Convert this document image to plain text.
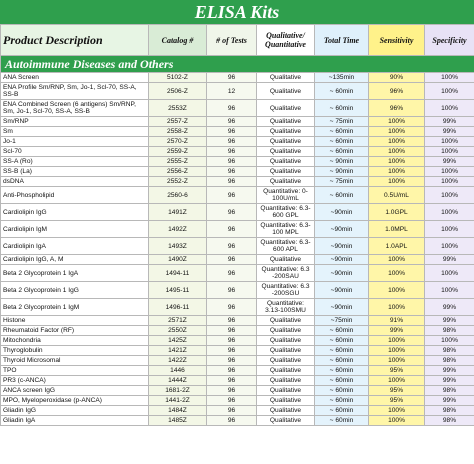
ELISA Kits
Product Description	Catalog #	# of Tests	Qualitative/ Quantitative	Total Time	Sensitivity	Specificity
Autoimmune Diseases and Others						
ANA Screen	5102-Z	96	Qualitative	~135min	90%	100%
ENA Profile Sm/RNP, Sm, Jo-1, Scl-70, SS-A, SS-B	2506-Z	12	Qualitative	~ 60min	96%	100%
ENA Combined Screen (6 antigens) Sm/RNP, Sm, Jo-1, Scl-70, SS-A, SS-B	2553Z	96	Qualitative	~ 60min	96%	100%
Sm/RNP	2557-Z	96	Qualitative	~ 75min	100%	99%
Sm	2558-Z	96	Qualitative	~ 60min	100%	99%
Jo-1	2570-Z	96	Qualitative	~ 60min	100%	100%
Scl-70	2559-Z	96	Qualitative	~ 60min	100%	100%
SS-A (Ro)	2555-Z	96	Qualitative	~ 90min	100%	99%
SS-B (La)	2556-Z	96	Qualitative	~ 90min	100%	100%
dsDNA	2552-Z	96	Qualitative	~ 75min	100%	100%
Anti-Phospholipid	2560-6	96	Quantitative: 0-100U/mL	~ 60min	0.5U/mL	100%
Cardiolipin IgG	1491Z	96	Quantitative: 6.3-600 GPL	~90min	1.0GPL	100%
Cardiolipin IgM	1492Z	96	Quantitative: 6.3-100 MPL	~90min	1.0MPL	100%
Cardiolipin IgA	1493Z	96	Quantitative: 6.3-600 APL	~90min	1.0APL	100%
Cardiolipin IgG, A, M	1490Z	96	Qualitative	~90min	100%	99%
Beta 2 Glycoprotein 1 IgA	1494-11	96	Quantitative: 6.3 -200SAU	~90min	100%	100%
Beta 2 Glycoprotein 1 IgG	1495-11	96	Quantitative: 6.3 -200SGU	~90min	100%	100%
Beta 2 Glycoprotein 1 IgM	1496-11	96	Quantitative: 3.13-100SMU	~90min	100%	99%
Histone	2571Z	96	Qualitative	~75min	91%	99%
Rheumatoid Factor (RF)	2550Z	96	Qualitative	~ 60min	99%	98%
Mitochondria	1425Z	96	Qualitative	~ 60min	100%	100%
Thyroglobulin	1421Z	96	Qualitative	~ 60min	100%	98%
Thyroid Microsomal	1422Z	96	Qualitative	~ 60min	100%	98%
TPO	1446	96	Qualitative	~ 60min	95%	99%
PR3 (c-ANCA)	1444Z	96	Qualitative	~ 60min	100%	99%
ANCA screen IgG	1681-2Z	96	Qualitative	~ 60min	95%	98%
MPO, Myeloperoxidase (p-ANCA)	1441-2Z	96	Qualitative	~ 60min	95%	99%
Gliadin IgG	1484Z	96	Qualitative	~ 60min	100%	98%
Gliadin IgA	1485Z	96	Qualitative	~ 60min	100%	98%
